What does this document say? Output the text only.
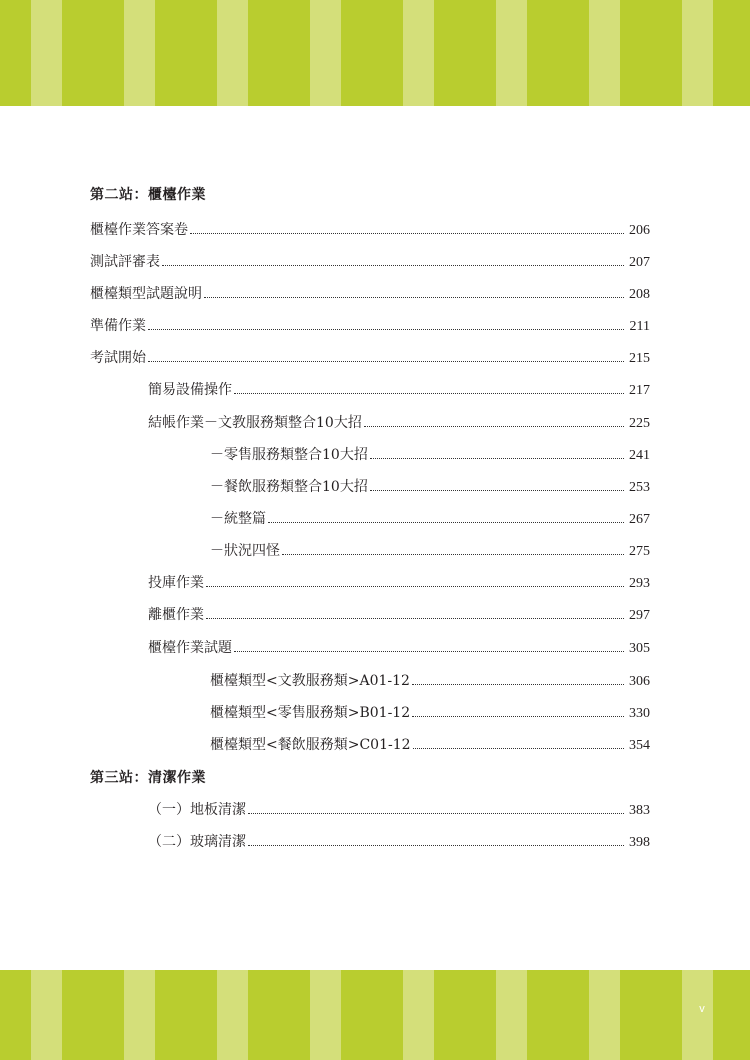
第二站：櫃檯作業
櫃檯作業答案卷	206
測試評審表	207
櫃檯類型試題說明	208
準備作業	211
考試開始	215
簡易設備操作	217
結帳作業－文教服務類整合10大招	225
－零售服務類整合10大招	241
－餐飲服務類整合10大招	253
－統整篇	267
－狀況四怪	275
投庫作業	293
離櫃作業	297
櫃檯作業試題	305
櫃檯類型<文教服務類>A01-12	306
櫃檯類型<零售服務類>B01-12	330
櫃檯類型<餐飲服務類>C01-12	354
第三站：清潔作業
（一）地板清潔	383
（二）玻璃清潔	398
v
